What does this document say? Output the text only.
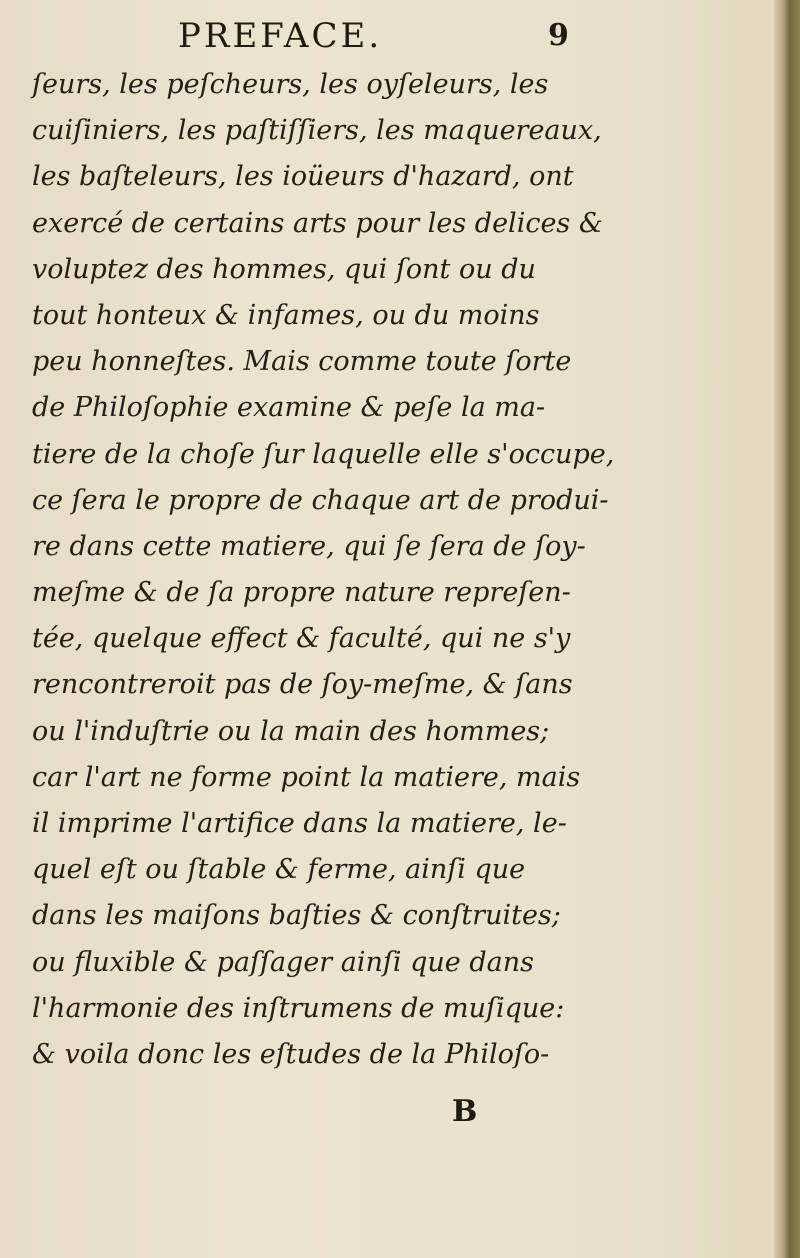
PREFACE.	9
ſeurs, les peſcheurs, les oyſeleurs, les
cuiſiniers, les paſtiſſiers, les maquereaux,
les baſteleurs, les ioüeurs d'hazard, ont
exercé de certains arts pour les delices &
voluptez des hommes, qui ſont ou du
tout honteux & infames, ou du moins
peu honneſtes. Mais comme toute ſorte
de Philoſophie examine & peſe la ma-
tiere de la choſe ſur laquelle elle s'occupe,
ce ſera le propre de chaque art de produi-
re dans cette matiere, qui ſe ſera de ſoy-
meſme & de ſa propre nature repreſen-
tée, quelque effect & faculté, qui ne s'y
rencontreroit pas de ſoy-meſme, & ſans
ou l'induſtrie ou la main des hommes;
car l'art ne forme point la matiere, mais
il imprime l'artifice dans la matiere, le-
quel eſt ou ſtable & ferme, ainſi que
dans les maiſons baſties & conſtruites;
ou fluxible & paſſager ainſi que dans
l'harmonie des inſtrumens de muſique:
& voila donc les eſtudes de la Philoſo-
B
